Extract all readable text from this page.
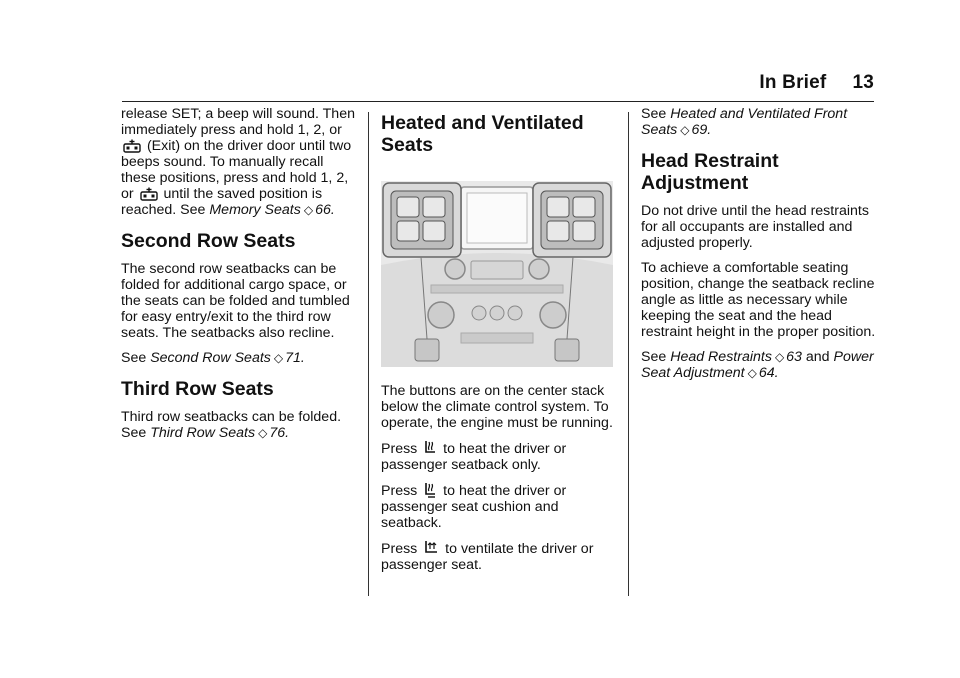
In Brief 13

release SET; a beep will sound. Then immediately press and hold 1, 2, or  (Exit) on the driver door until two beeps sound. To manually recall these positions, press and hold 1, 2, or until the saved position is reached. See Memory Seats ◇ 66.

Second Row Seats

The second row seatbacks can be folded for additional cargo space, or the seats can be folded and tumbled for easy entry/exit to the third row seats. The seatbacks also recline.

See Second Row Seats ◇ 71.

Third Row Seats

Third row seatbacks can be folded. See Third Row Seats ◇ 76.

Heated and Ventilated Seats

The buttons are on the center stack below the climate control system. To operate, the engine must be running.

Press to heat the driver or passenger seatback only.

Press to heat the driver or passenger seat cushion and seatback.

Press to ventilate the driver or passenger seat.

See Heated and Ventilated Front Seats ◇ 69.

Head Restraint Adjustment

Do not drive until the head restraints for all occupants are installed and adjusted properly.

To achieve a comfortable seating position, change the seatback recline angle as little as necessary while keeping the seat and the head restraint height in the proper position.

See Head Restraints ◇ 63 and Power Seat Adjustment ◇ 64.
